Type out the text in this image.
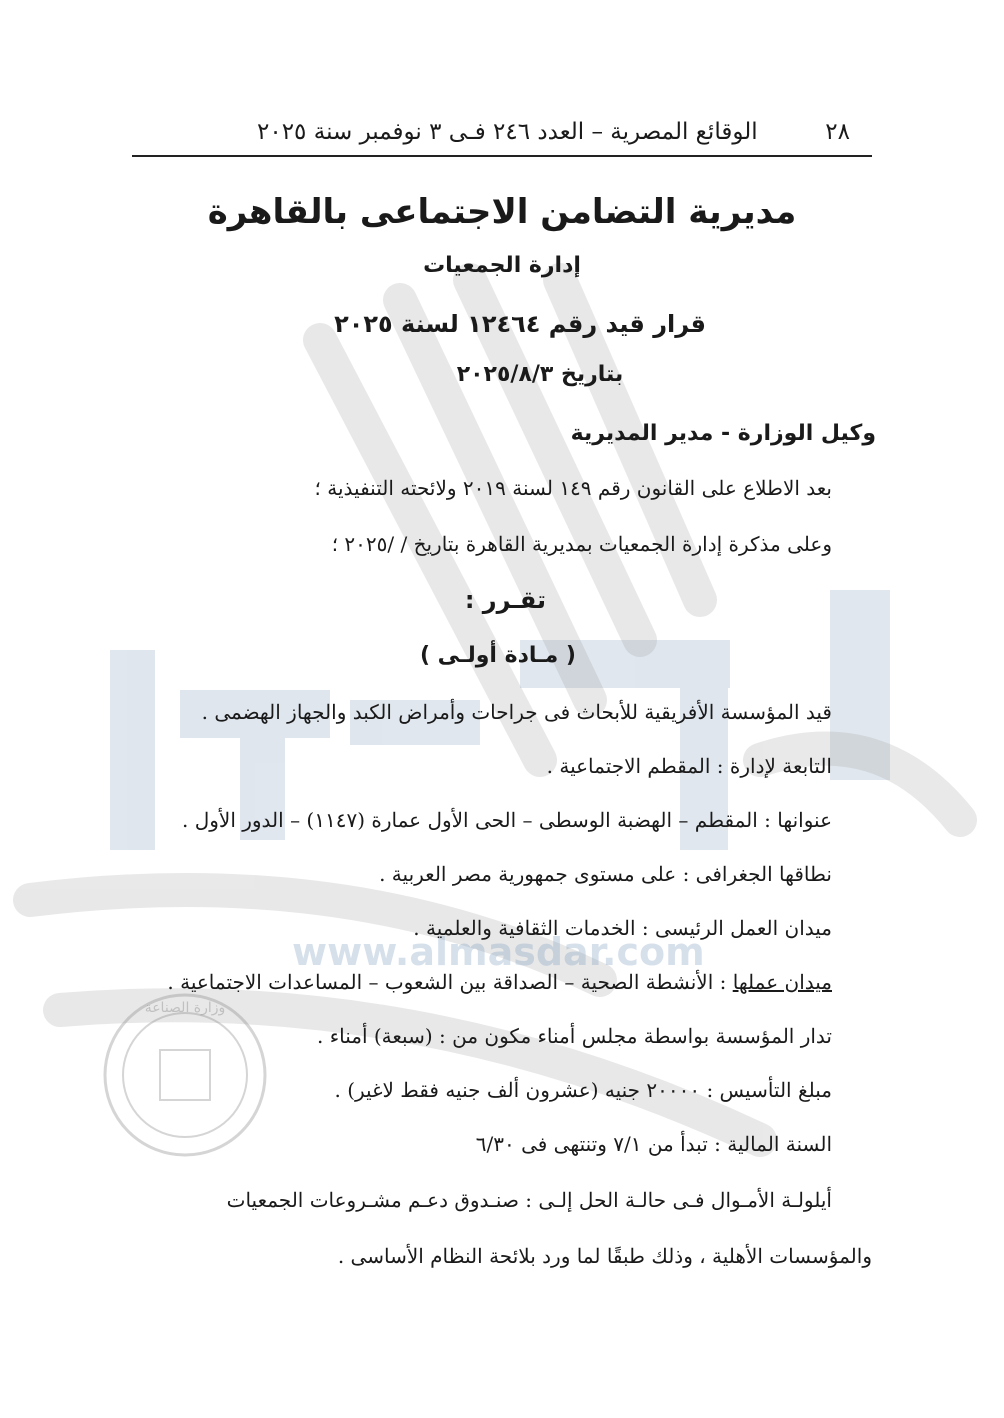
www.almasdar.com
وزارة الصناعة
٢٨
الوقائع المصرية – العدد ٢٤٦ فـى ٣ نوفمبر سنة ٢٠٢٥
مديرية التضامن الاجتماعى بالقاهرة
إدارة الجمعيات
قرار قيد رقم ١٢٤٦٤ لسنة ٢٠٢٥
بتاريخ ٢٠٢٥/٨/٣
وكيل الوزارة - مدير المديرية
بعد الاطلاع على القانون رقم ١٤٩ لسنة ٢٠١٩ ولائحته التنفيذية ؛
وعلى مذكرة إدارة الجمعيات بمديرية القاهرة بتاريخ / /٢٠٢٥ ؛
تقـرر :
( مـادة أولـى )
قيد المؤسسة الأفريقية للأبحاث فى جراحات وأمراض الكبد والجهاز الهضمى .
التابعة لإدارة : المقطم الاجتماعية .
عنوانها : المقطم – الهضبة الوسطى – الحى الأول عمارة (١١٤٧) – الدور الأول .
نطاقها الجغرافى : على مستوى جمهورية مصر العربية .
ميدان العمل الرئيسى : الخدمات الثقافية والعلمية .
ميدان عملها : الأنشطة الصحية – الصداقة بين الشعوب – المساعدات الاجتماعية .
تدار المؤسسة بواسطة مجلس أمناء مكون من : (سبعة) أمناء .
مبلغ التأسيس : ٢٠٠٠٠ جنيه (عشرون ألف جنيه فقط لاغير) .
السنة المالية : تبدأ من ٧/١ وتنتهى فى ٦/٣٠
أيلولـة الأمـوال فـى حالـة الحل إلـى : صنـدوق دعـم مشـروعات الجمعيات
والمؤسسات الأهلية ، وذلك طبقًا لما ورد بلائحة النظام الأساسى .
